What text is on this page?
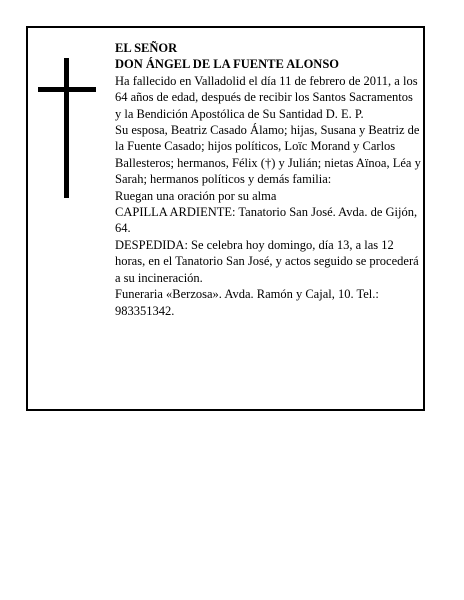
EL SEÑOR

DON ÁNGEL DE LA FUENTE ALONSO

Ha fallecido en Valladolid el día 11 de febrero de 2011, a los 64 años de edad, después de recibir los Santos Sacramentos y la Bendición Apostólica de Su Santidad D. E. P.

Su esposa, Beatriz Casado Álamo; hijas, Susana y Beatriz de la Fuente Casado; hijos políticos, Loïc Morand y Carlos Ballesteros; hermanos, Félix (†) y Julián; nietas Aïnoa, Léa y Sarah; hermanos políticos y demás familia:

Ruegan una oración por su alma

CAPILLA ARDIENTE: Tanatorio San José. Avda. de Gijón, 64.

DESPEDIDA: Se celebra hoy domingo, día 13, a las 12 horas, en el Tanatorio San José, y actos seguido se procederá a su incineración.

Funeraria «Berzosa». Avda. Ramón y Cajal, 10. Tel.: 983351342.
